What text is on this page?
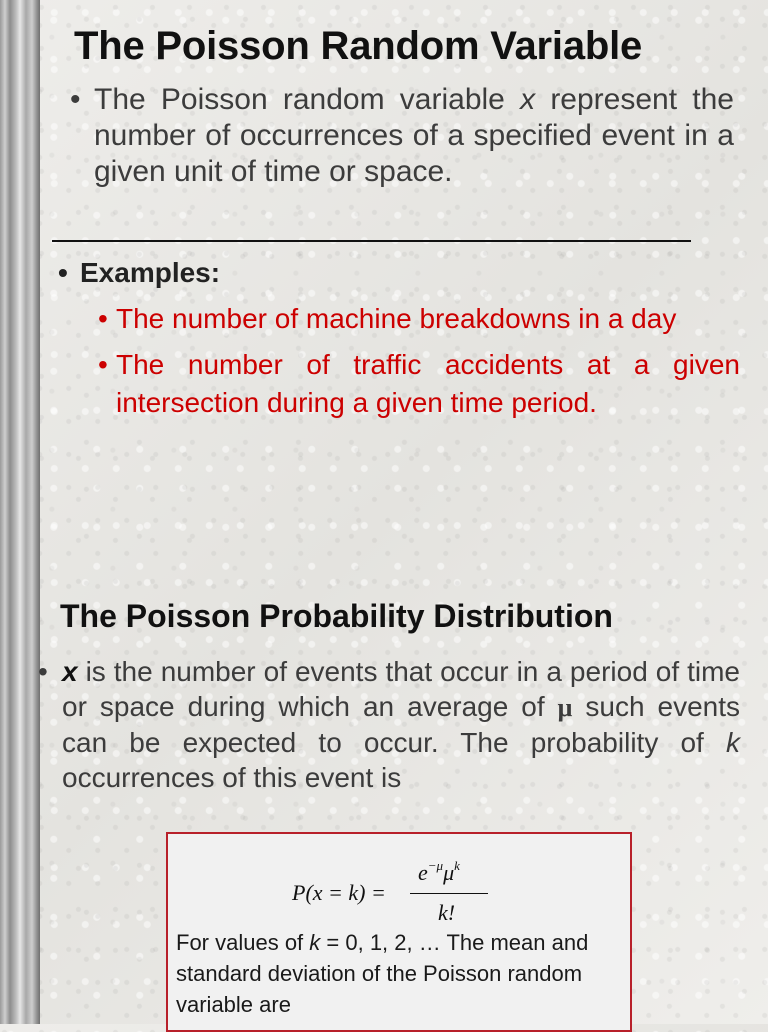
The Poisson Random Variable
• The Poisson random variable x represent the number of occurrences of a specified event in a given unit of time or space.
• Examples:
• The number of machine breakdowns in a day
• The number of traffic accidents at a given intersection during a given time period.
The Poisson Probability Distribution
• x is the number of events that occur in a period of time or space during which an average of μ such events can be expected to occur. The probability of k occurrences of this event is
P(x = k) =
$e^{-\mu}\mu^k$
k!
For values of k = 0, 1, 2, … The mean and standard deviation of the Poisson random variable are
